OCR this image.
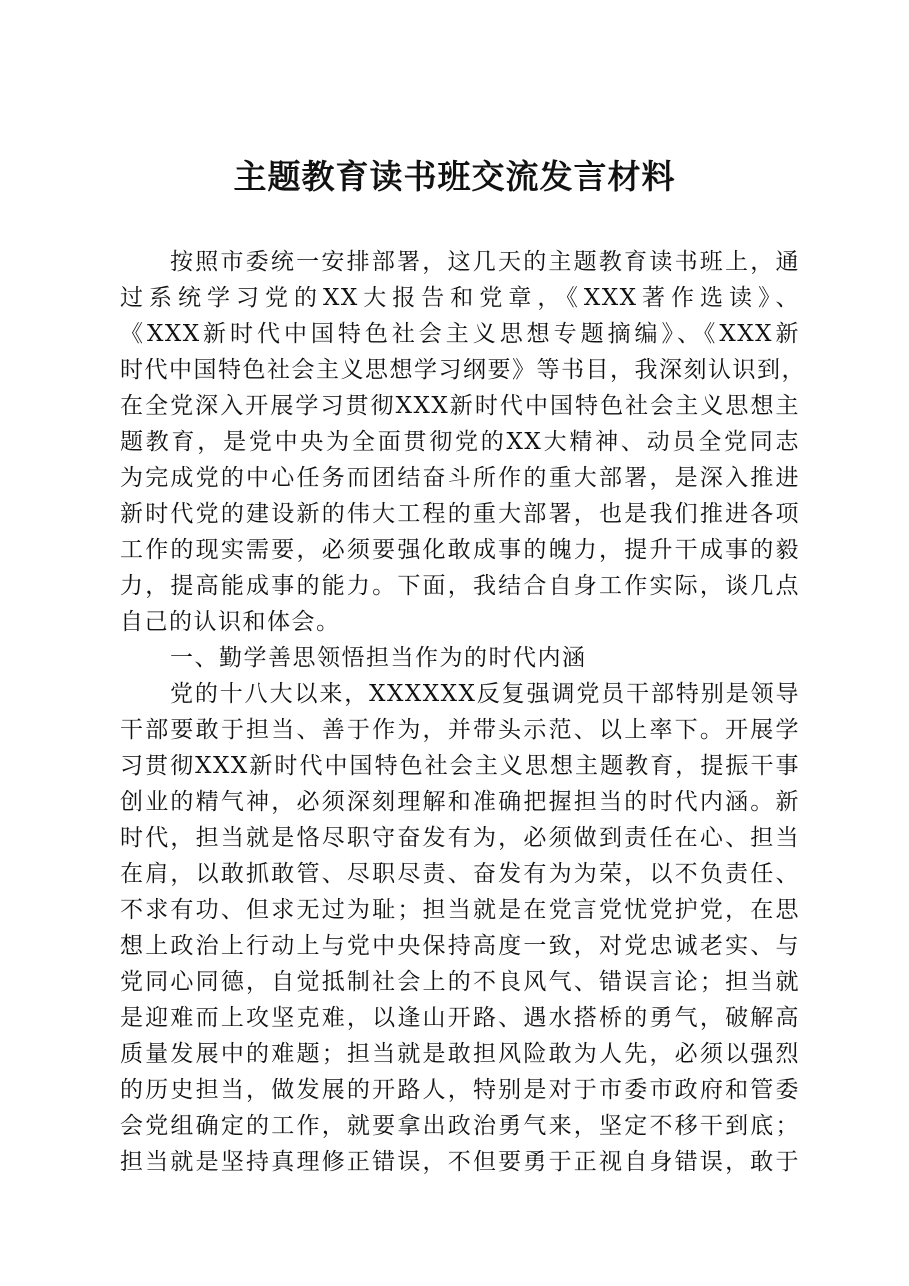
主题教育读书班交流发言材料
按照市委统一安排部署，这几天的主题教育读书班上，通
过系统学习党的XX大报告和党章，《XXX著作选读》、
《XXX新时代中国特色社会主义思想专题摘编》、《XXX新
时代中国特色社会主义思想学习纲要》等书目，我深刻认识到，
在全党深入开展学习贯彻XXX新时代中国特色社会主义思想主
题教育，是党中央为全面贯彻党的XX大精神、动员全党同志
为完成党的中心任务而团结奋斗所作的重大部署，是深入推进
新时代党的建设新的伟大工程的重大部署，也是我们推进各项
工作的现实需要，必须要强化敢成事的魄力，提升干成事的毅
力，提高能成事的能力。下面，我结合自身工作实际，谈几点
自己的认识和体会。
一、勤学善思领悟担当作为的时代内涵
党的十八大以来，XXXXXX反复强调党员干部特别是领导
干部要敢于担当、善于作为，并带头示范、以上率下。开展学
习贯彻XXX新时代中国特色社会主义思想主题教育，提振干事
创业的精气神，必须深刻理解和准确把握担当的时代内涵。新
时代，担当就是恪尽职守奋发有为，必须做到责任在心、担当
在肩，以敢抓敢管、尽职尽责、奋发有为为荣，以不负责任、
不求有功、但求无过为耻；担当就是在党言党忧党护党，在思
想上政治上行动上与党中央保持高度一致，对党忠诚老实、与
党同心同德，自觉抵制社会上的不良风气、错误言论；担当就
是迎难而上攻坚克难，以逢山开路、遇水搭桥的勇气，破解高
质量发展中的难题；担当就是敢担风险敢为人先，必须以强烈
的历史担当，做发展的开路人，特别是对于市委市政府和管委
会党组确定的工作，就要拿出政治勇气来，坚定不移干到底；
担当就是坚持真理修正错误，不但要勇于正视自身错误，敢于
